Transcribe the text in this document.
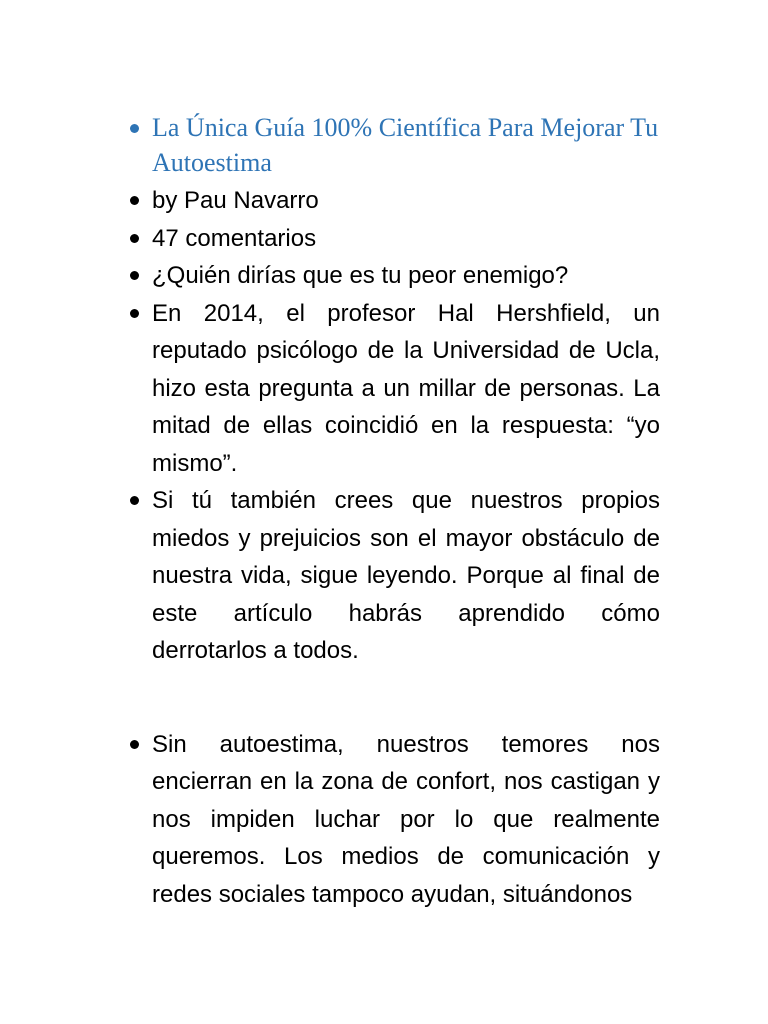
La Única Guía 100% Científica Para Mejorar Tu Autoestima
by Pau Navarro
47 comentarios
¿Quién dirías que es tu peor enemigo?
En 2014, el profesor Hal Hershfield, un reputado psicólogo de la Universidad de Ucla, hizo esta pregunta a un millar de personas. La mitad de ellas coincidió en la respuesta: “yo mismo”.
Si tú también crees que nuestros propios miedos y prejuicios son el mayor obstáculo de nuestra vida, sigue leyendo. Porque al final de este artículo habrás aprendido cómo derrotarlos a todos.
Sin autoestima, nuestros temores nos encierran en la zona de confort, nos castigan y nos impiden luchar por lo que realmente queremos. Los medios de comunicación y redes sociales tampoco ayudan, situándonos
